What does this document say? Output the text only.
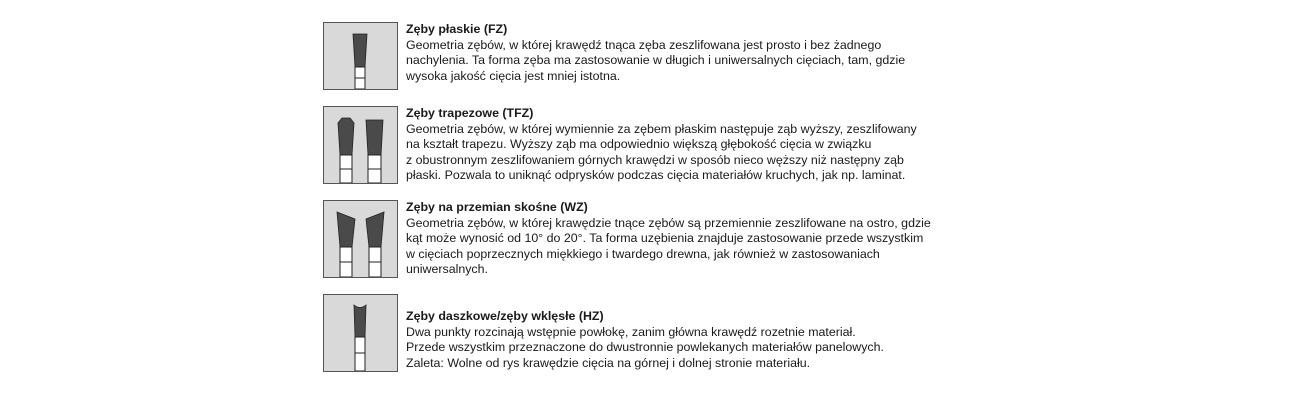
Zęby płaskie (FZ)
Geometria zębów, w której krawędź tnąca zęba zeszlifowana jest prosto i bez żadnego
nachylenia. Ta forma zęba ma zastosowanie w długich i uniwersalnych cięciach, tam, gdzie
wysoka jakość cięcia jest mniej istotna.
Zęby trapezowe (TFZ)
Geometria zębów, w której wymiennie za zębem płaskim następuje ząb wyższy, zeszlifowany
na kształt trapezu. Wyższy ząb ma odpowiednio większą głębokość cięcia w związku
z obustronnym zeszlifowaniem górnych krawędzi w sposób nieco węższy niż następny ząb
płaski. Pozwala to uniknąć odprysków podczas cięcia materiałów kruchych, jak np. laminat.
Zęby na przemian skośne (WZ)
Geometria zębów, w której krawędzie tnące zębów są przemiennie zeszlifowane na ostro, gdzie
kąt może wynosić od 10° do 20°. Ta forma uzębienia znajduje zastosowanie przede wszystkim
w cięciach poprzecznych miękkiego i twardego drewna, jak również w zastosowaniach
uniwersalnych.
Zęby daszkowe/zęby wklęsłe (HZ)
Dwa punkty rozcinają wstępnie powłokę, zanim główna krawędź rozetnie materiał.
Przede wszystkim przeznaczone do dwustronnie powlekanych materiałów panelowych.
Zaleta: Wolne od rys krawędzie cięcia na górnej i dolnej stronie materiału.
